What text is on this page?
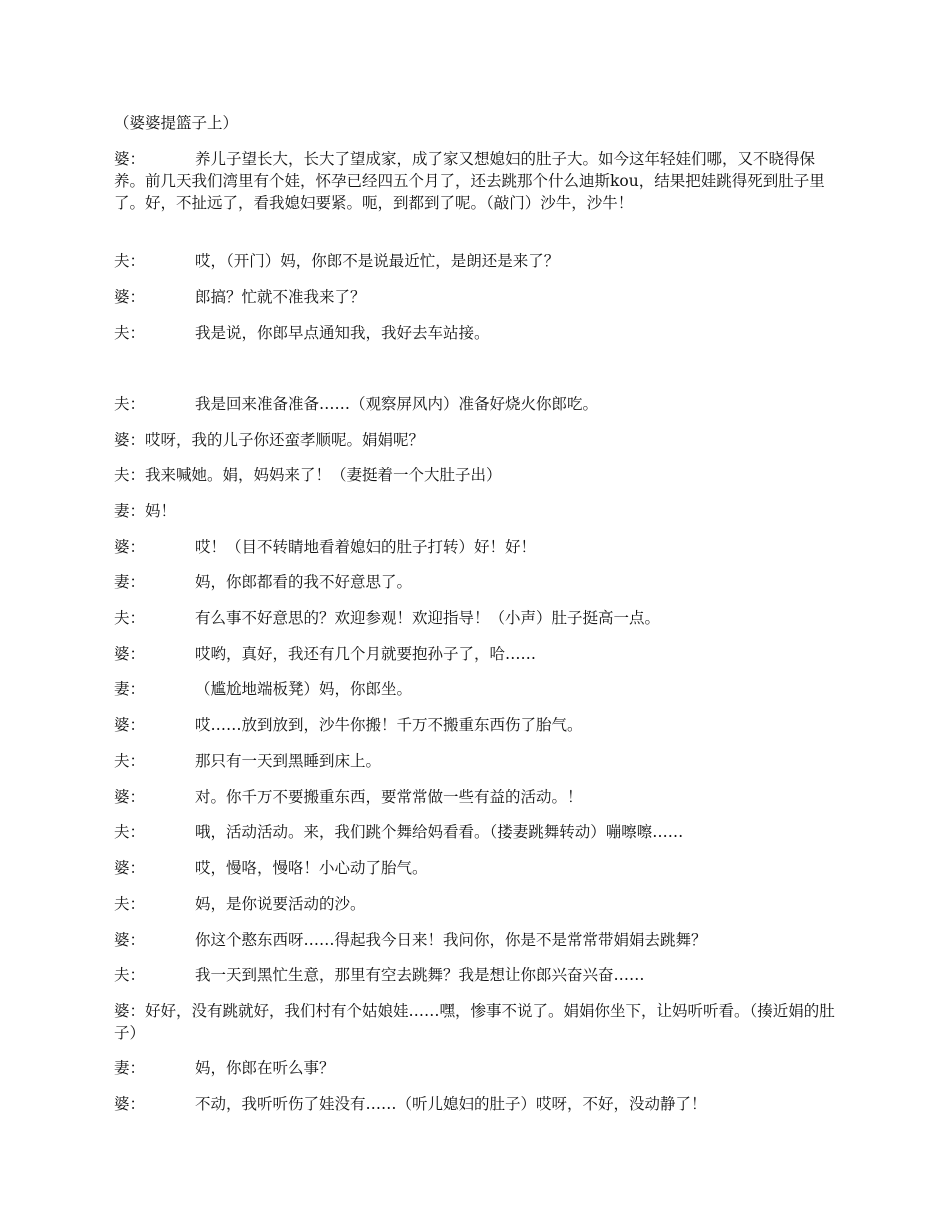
（婆婆提篮子上）
婆：	养儿子望长大，长大了望成家，成了家又想媳妇的肚子大。如今这年轻娃们哪，又不晓得保养。前几天我们湾里有个娃，怀孕已经四五个月了，还去跳那个什么迪斯kou，结果把娃跳得死到肚子里了。好，不扯远了，看我媳妇要紧。呃，到都到了呢。（敲门）沙牛，沙牛！
夫：	哎，（开门）妈，你郎不是说最近忙，是朗还是来了？
婆：	郎搞？忙就不准我来了？
夫：	我是说，你郎早点通知我，我好去车站接。
夫：	我是回来准备准备……（观察屏风内）准备好烧火你郎吃。
婆：哎呀，我的儿子你还蛮孝顺呢。娟娟呢？
夫：我来喊她。娟，妈妈来了！（妻挺着一个大肚子出）
妻：妈！
婆：	哎！（目不转睛地看着媳妇的肚子打转）好！好！
妻：	妈，你郎都看的我不好意思了。
夫：	有么事不好意思的？欢迎参观！欢迎指导！（小声）肚子挺高一点。
婆：	哎哟，真好，我还有几个月就要抱孙子了，哈……
妻：	（尴尬地端板凳）妈，你郎坐。
婆：	哎……放到放到，沙牛你搬！千万不搬重东西伤了胎气。
夫：	那只有一天到黑睡到床上。
婆：	对。你千万不要搬重东西，要常常做一些有益的活动。！
夫：	哦，活动活动。来，我们跳个舞给妈看看。（搂妻跳舞转动）嘣嚓嚓……
婆：	哎，慢咯，慢咯！小心动了胎气。
夫：	妈，是你说要活动的沙。
婆：	你这个憨东西呀……得起我今日来！我问你，你是不是常常带娟娟去跳舞？
夫：	我一天到黑忙生意，那里有空去跳舞？我是想让你郎兴奋兴奋……
婆：好好，没有跳就好，我们村有个姑娘娃……嘿，惨事不说了。娟娟你坐下，让妈听听看。（揍近娟的肚子）
妻：	妈，你郎在听么事？
婆：	不动，我听听伤了娃没有……（听儿媳妇的肚子）哎呀，不好，没动静了！
